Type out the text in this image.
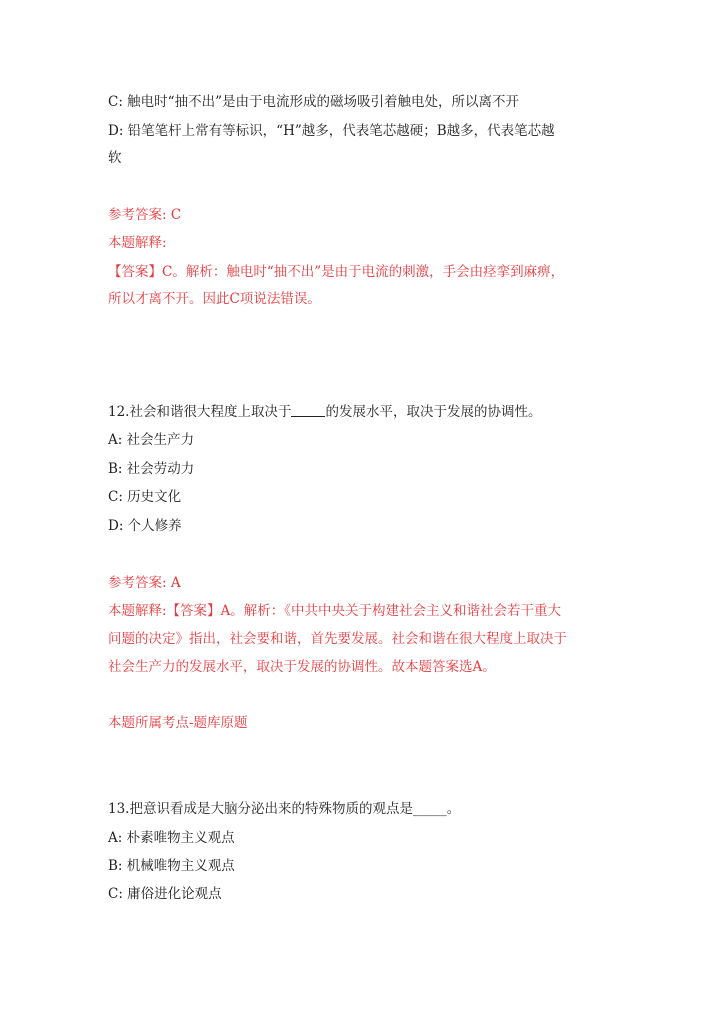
C: 触电时“抽不出”是由于电流形成的磁场吸引着触电处，所以离不开
D: 铅笔笔杆上常有等标识，“H”越多，代表笔芯越硬；B越多，代表笔芯越
软
参考答案: C
本题解释:
【答案】C。解析：触电时“抽不出”是由于电流的刺激，手会由痉挛到麻痹，
所以才离不开。因此C项说法错误。
12.社会和谐很大程度上取决于	的发展水平，取决于发展的协调性。
A: 社会生产力
B: 社会劳动力
C: 历史文化
D: 个人修养
参考答案: A
本题解释:【答案】A。解析：《中共中央关于构建社会主义和谐社会若干重大
问题的决定》指出，社会要和谐，首先要发展。社会和谐在很大程度上取决于
社会生产力的发展水平，取决于发展的协调性。故本题答案选A。
本题所属考点-题库原题
13.把意识看成是大脑分泌出来的特殊物质的观点是_____。
A: 朴素唯物主义观点
B: 机械唯物主义观点
C: 庸俗进化论观点
